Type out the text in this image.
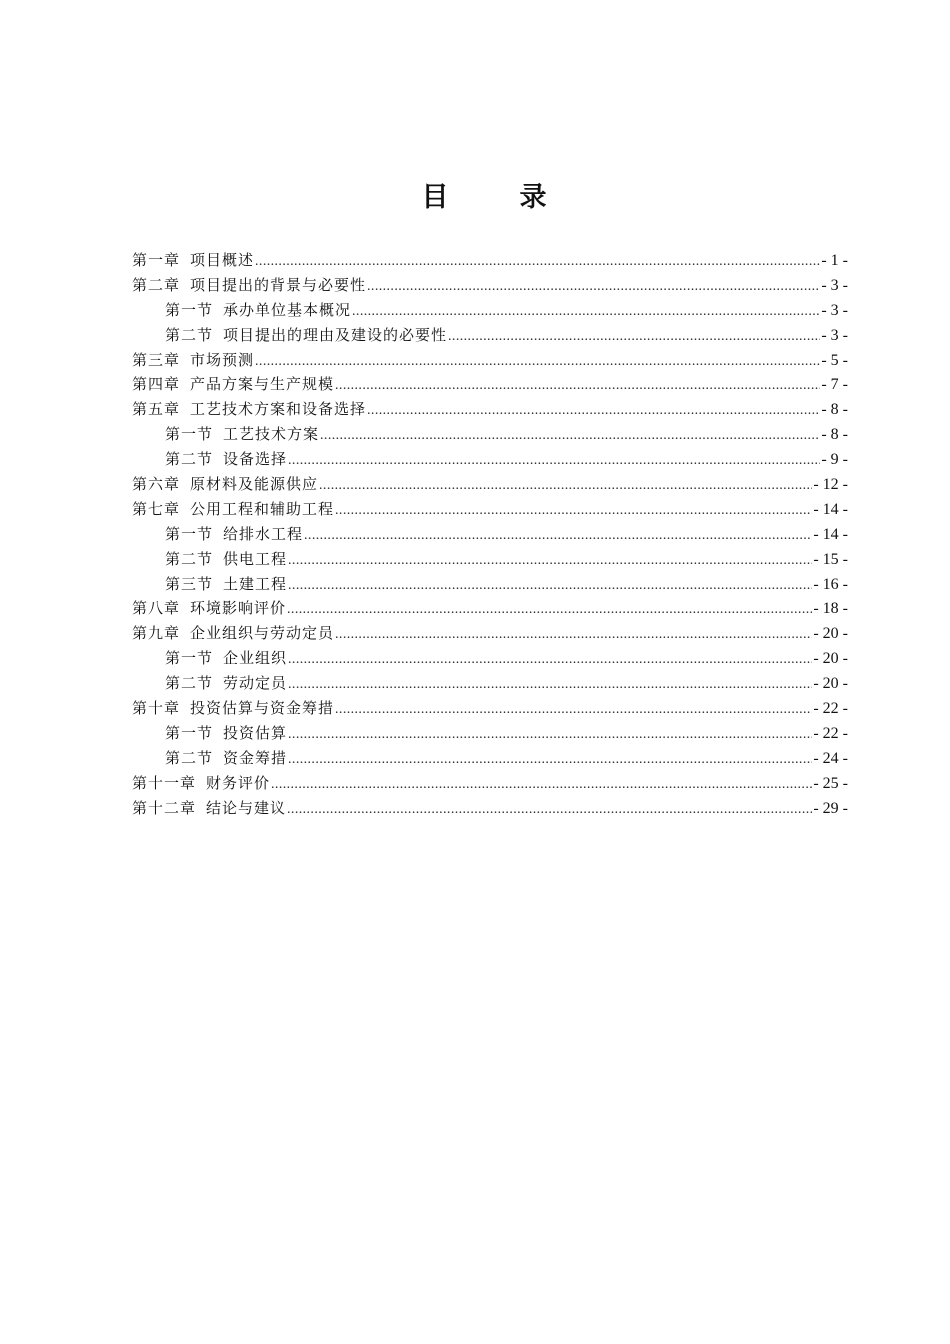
目　录
第一章 项目概述 .....	- 1 -
第二章 项目提出的背景与必要性 .....	- 3 -
第一节 承办单位基本概况 .....	- 3 -
第二节 项目提出的理由及建设的必要性 .....	- 3 -
第三章 市场预测 .....	- 5 -
第四章 产品方案与生产规模 .....	- 7 -
第五章 工艺技术方案和设备选择 .....	- 8 -
第一节 工艺技术方案 .....	- 8 -
第二节 设备选择 .....	- 9 -
第六章 原材料及能源供应 .....	- 12 -
第七章 公用工程和辅助工程 .....	- 14 -
第一节 给排水工程 .....	- 14 -
第二节 供电工程 .....	- 15 -
第三节 土建工程 .....	- 16 -
第八章 环境影响评价 .....	- 18 -
第九章 企业组织与劳动定员 .....	- 20 -
第一节 企业组织 .....	- 20 -
第二节 劳动定员 .....	- 20 -
第十章 投资估算与资金筹措 .....	- 22 -
第一节 投资估算 .....	- 22 -
第二节 资金筹措 .....	- 24 -
第十一章 财务评价 .....	- 25 -
第十二章 结论与建议 .....	- 29 -
